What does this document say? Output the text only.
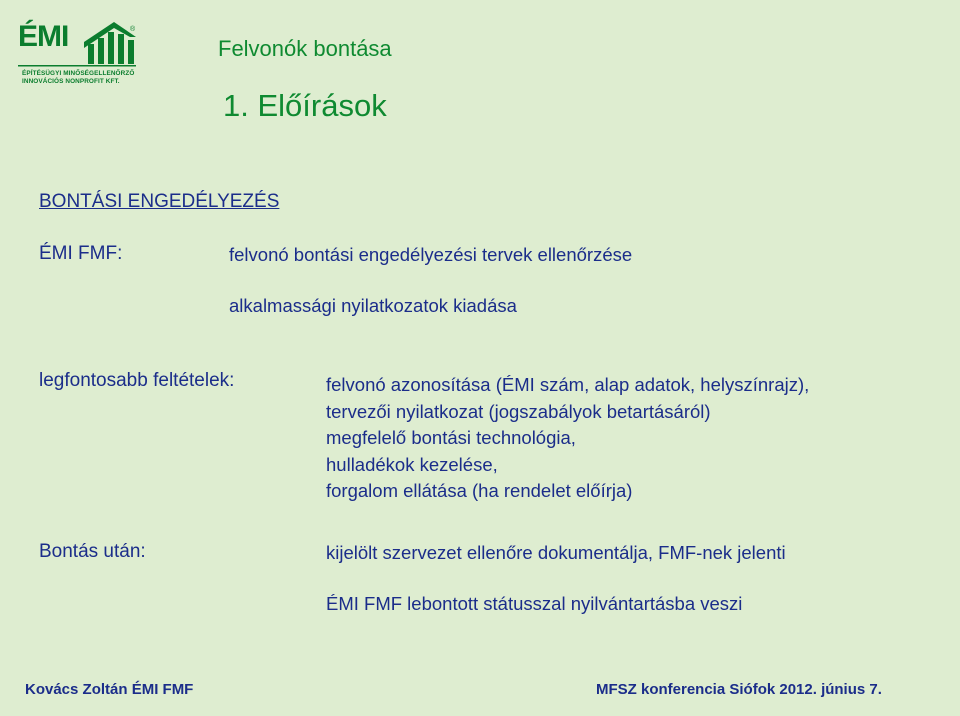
ÉMI	®
ÉPÍTÉSÜGYI MINŐSÉGELLENŐRZŐ
INNOVÁCIÓS NONPROFIT KFT.
Felvonók bontása
1. Előírások
BONTÁSI ENGEDÉLYEZÉS
ÉMI FMF:	felvonó bontási engedélyezési tervek ellenőrzése
alkalmassági nyilatkozatok kiadása
legfontosabb feltételek:	felvonó azonosítása (ÉMI szám, alap adatok, helyszínrajz),
tervezői nyilatkozat (jogszabályok betartásáról)
megfelelő bontási technológia,
hulladékok kezelése,
forgalom ellátása (ha rendelet előírja)
Bontás után:	kijelölt szervezet ellenőre dokumentálja, FMF-nek jelenti
ÉMI FMF lebontott státusszal nyilvántartásba veszi
Kovács Zoltán ÉMI FMF	MFSZ konferencia Siófok 2012. június 7.
